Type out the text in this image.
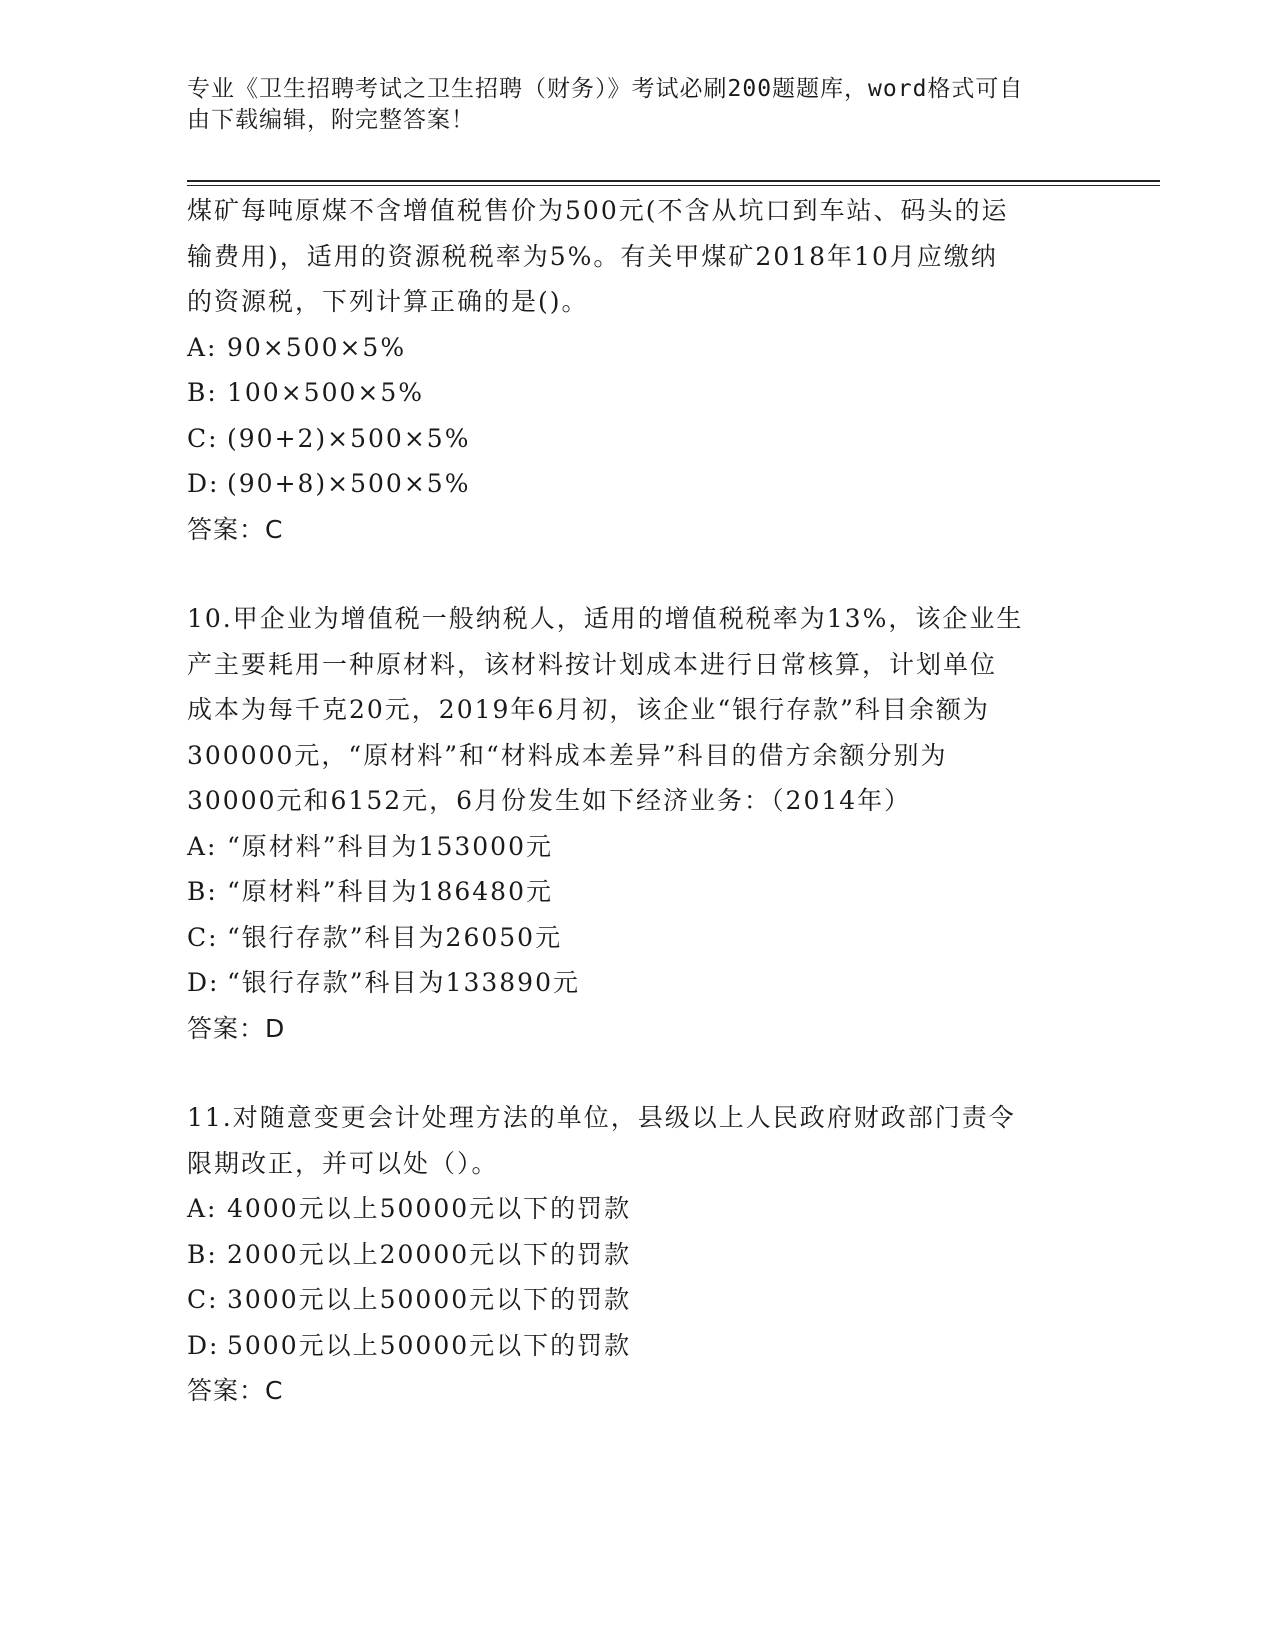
专业《卫生招聘考试之卫生招聘（财务）》考试必刷200题题库，word格式可自
由下载编辑，附完整答案！
煤矿每吨原煤不含增值税售价为500元(不含从坑口到车站、码头的运
输费用)，适用的资源税税率为5%。有关甲煤矿2018年10月应缴纳
的资源税，下列计算正确的是()。
A: 90×500×5%
B: 100×500×5%
C: (90+2)×500×5%
D: (90+8)×500×5%
答案：C
10.甲企业为增值税一般纳税人，适用的增值税税率为13%，该企业生
产主要耗用一种原材料，该材料按计划成本进行日常核算，计划单位
成本为每千克20元，2019年6月初，该企业“银行存款”科目余额为
300000元，“原材料”和“材料成本差异”科目的借方余额分别为
30000元和6152元，6月份发生如下经济业务：（2014年）
A: “原材料”科目为153000元
B: “原材料”科目为186480元
C: “银行存款”科目为26050元
D: “银行存款”科目为133890元
答案：D
11.对随意变更会计处理方法的单位，县级以上人民政府财政部门责令
限期改正，并可以处（）。
A: 4000元以上50000元以下的罚款
B: 2000元以上20000元以下的罚款
C: 3000元以上50000元以下的罚款
D: 5000元以上50000元以下的罚款
答案：C
